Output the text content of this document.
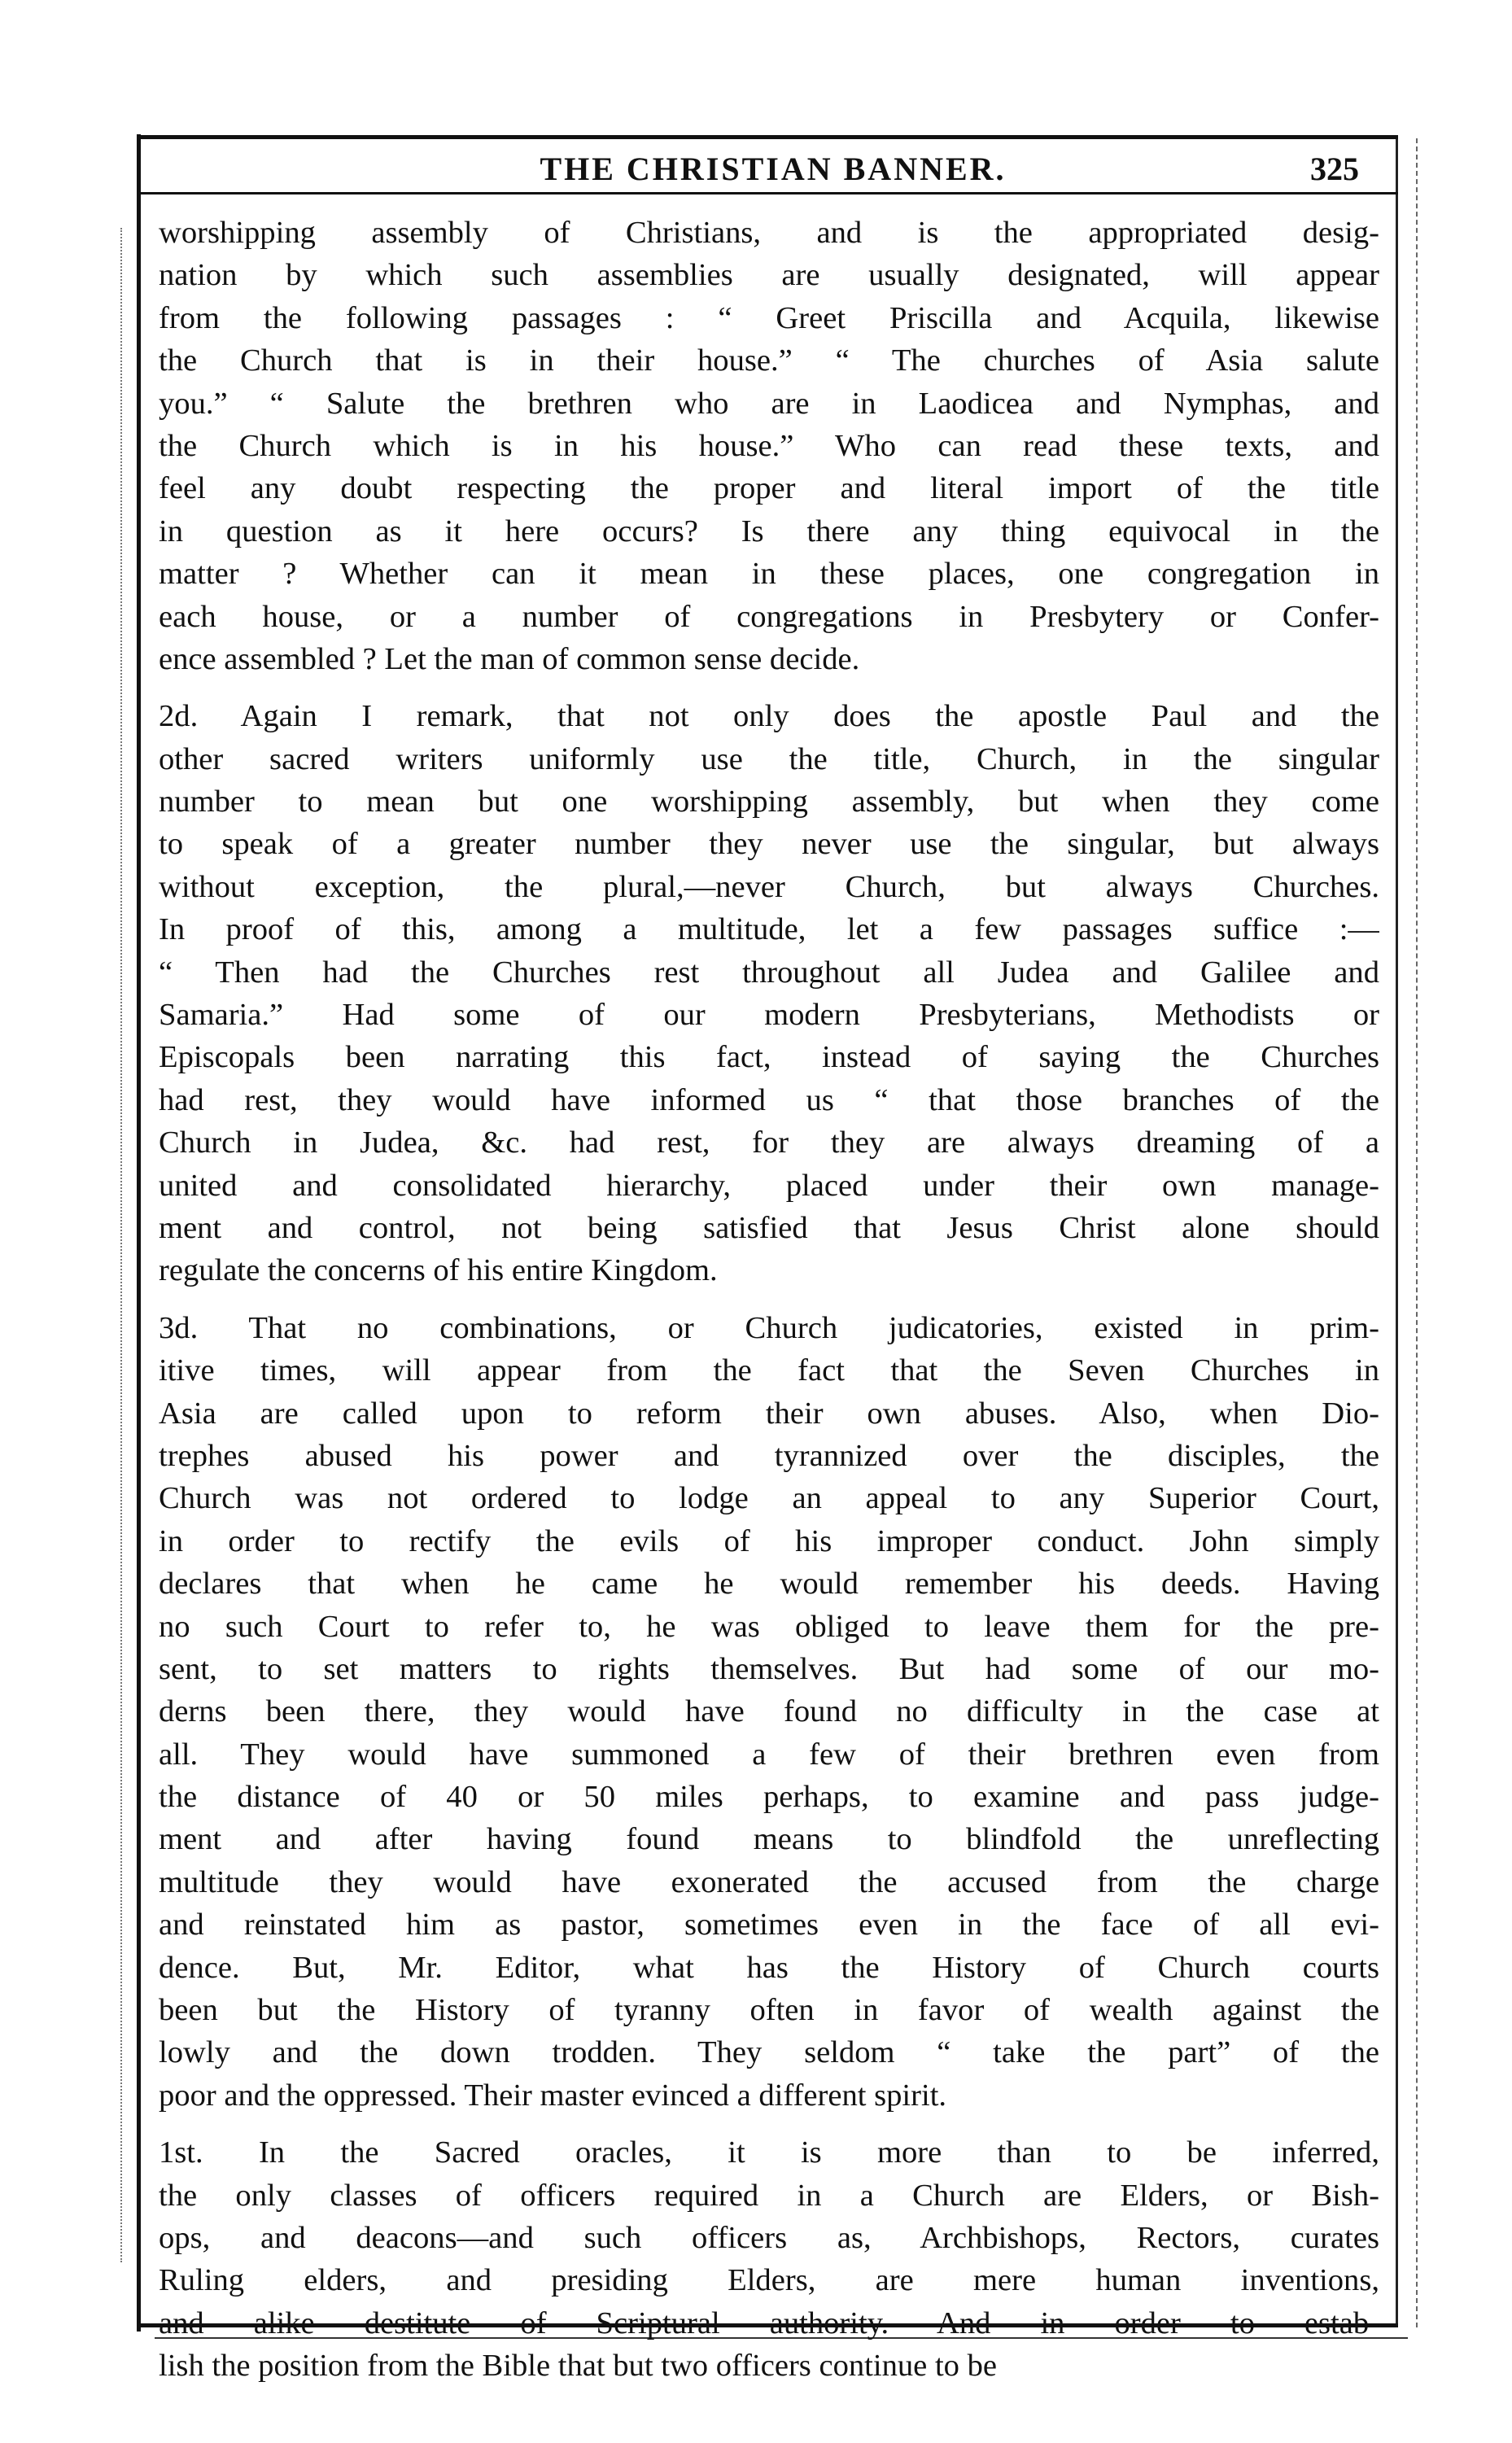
THE CHRISTIAN BANNER.	325
worshipping assembly of Christians, and is the appropriated desig-
nation by which such assemblies are usually designated, will appear
from the following passages : “ Greet Priscilla and Acquila, likewise
the Church that is in their house.” “ The churches of Asia salute
you.” “ Salute the brethren who are in Laodicea and Nymphas, and
the Church which is in his house.” Who can read these texts, and
feel any doubt respecting the proper and literal import of the title
in question as it here occurs? Is there any thing equivocal in the
matter ? Whether can it mean in these places, one congregation in
each house, or a number of congregations in Presbytery or Confer-
ence assembled ? Let the man of common sense decide.
2d. Again I remark, that not only does the apostle Paul and the
other sacred writers uniformly use the title, Church, in the singular
number to mean but one worshipping assembly, but when they come
to speak of a greater number they never use the singular, but always
without exception, the plural,—never Church, but always Churches.
In proof of this, among a multitude, let a few passages suffice :—
“ Then had the Churches rest throughout all Judea and Galilee and
Samaria.” Had some of our modern Presbyterians, Methodists or
Episcopals been narrating this fact, instead of saying the Churches
had rest, they would have informed us “ that those branches of the
Church in Judea, &c. had rest, for they are always dreaming of a
united and consolidated hierarchy, placed under their own manage-
ment and control, not being satisfied that Jesus Christ alone should
regulate the concerns of his entire Kingdom.
3d. That no combinations, or Church judicatories, existed in prim-
itive times, will appear from the fact that the Seven Churches in
Asia are called upon to reform their own abuses. Also, when Dio-
trephes abused his power and tyrannized over the disciples, the
Church was not ordered to lodge an appeal to any Superior Court,
in order to rectify the evils of his improper conduct. John simply
declares that when he came he would remember his deeds. Having
no such Court to refer to, he was obliged to leave them for the pre-
sent, to set matters to rights themselves. But had some of our mo-
derns been there, they would have found no difficulty in the case at
all. They would have summoned a few of their brethren even from
the distance of 40 or 50 miles perhaps, to examine and pass judge-
ment and after having found means to blindfold the unreflecting
multitude they would have exonerated the accused from the charge
and reinstated him as pastor, sometimes even in the face of all evi-
dence. But, Mr. Editor, what has the History of Church courts
been but the History of tyranny often in favor of wealth against the
lowly and the down trodden. They seldom “ take the part” of the
poor and the oppressed. Their master evinced a different spirit.
1st. In the Sacred oracles, it is more than to be inferred,
the only classes of officers required in a Church are Elders, or Bish-
ops, and deacons—and such officers as, Archbishops, Rectors, curates
Ruling elders, and presiding Elders, are mere human inventions,
and alike destitute of Scriptural authority. And in order to estab-
lish the position from the Bible that but two officers continue to be
